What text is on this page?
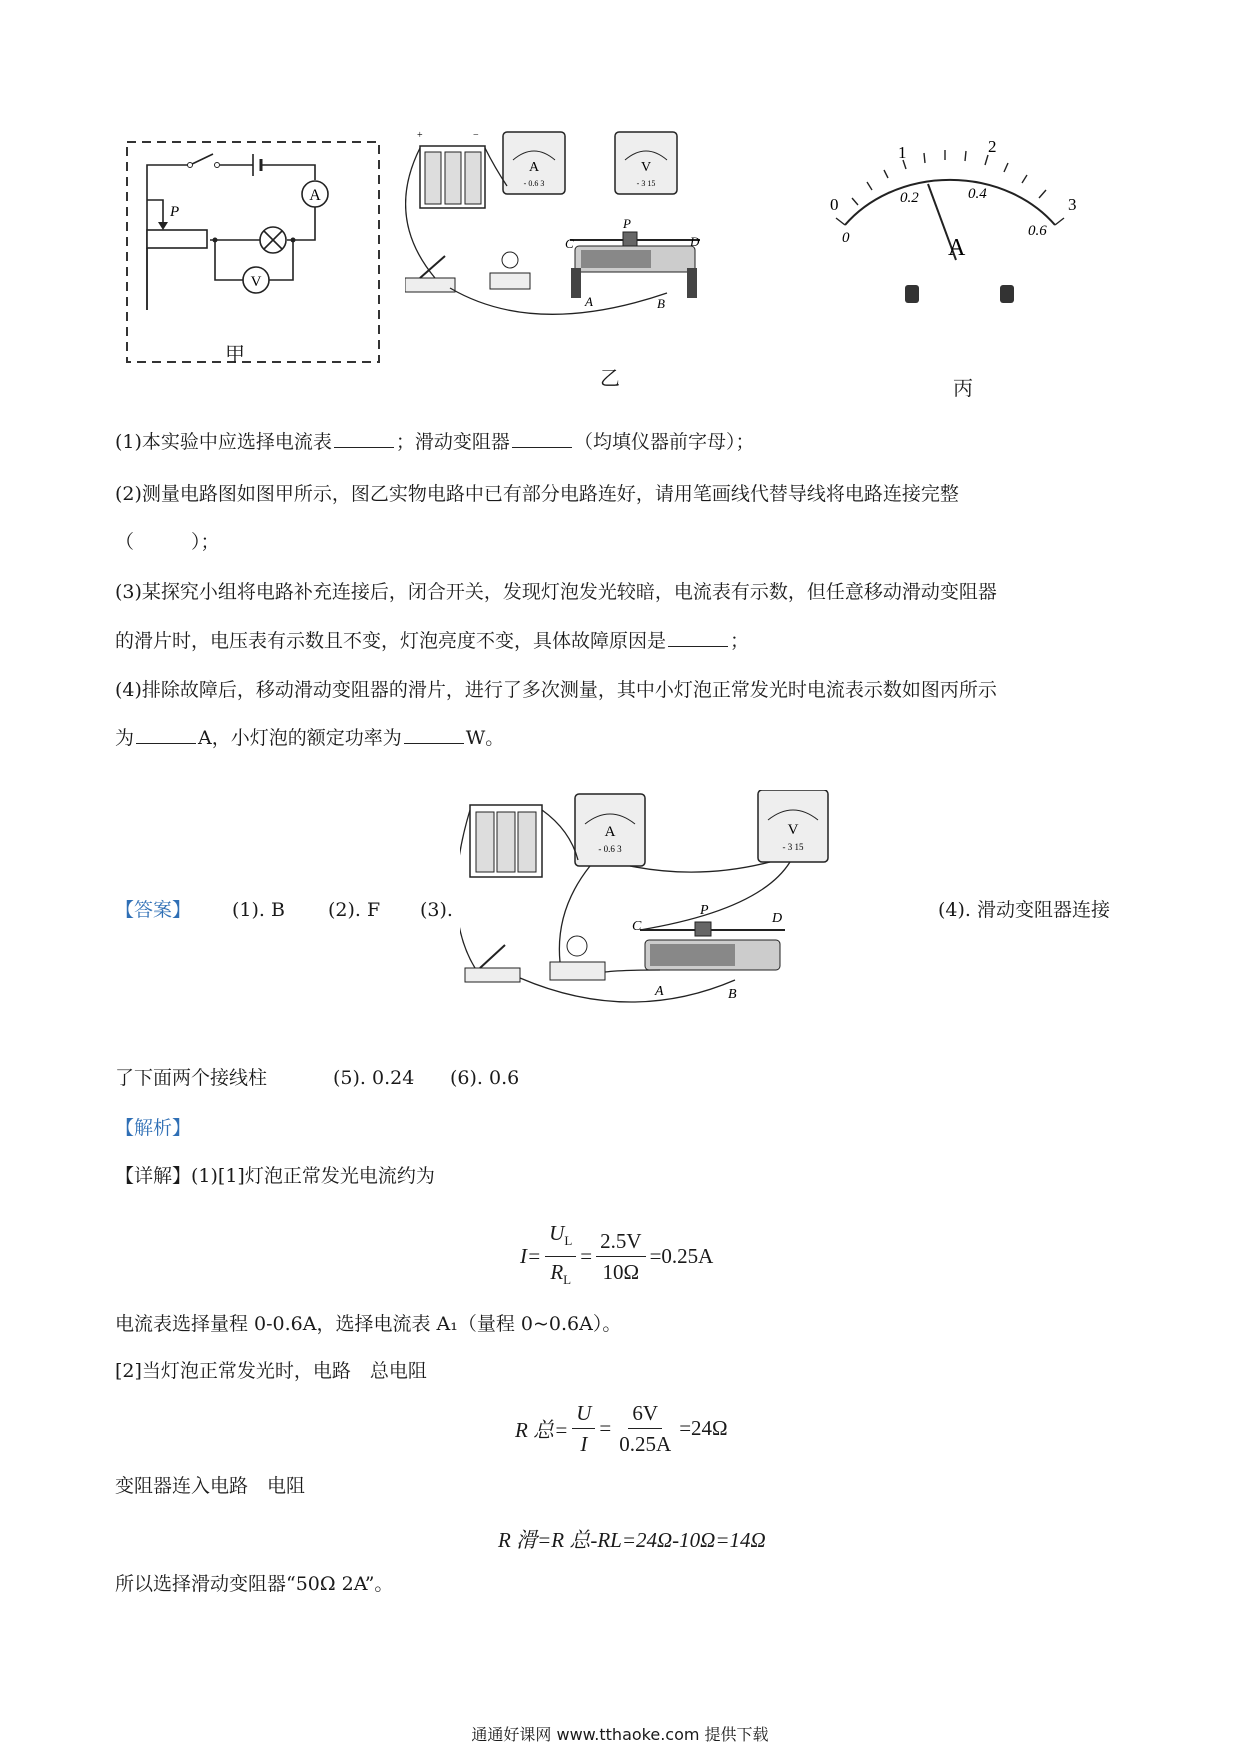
A
P
V
甲
+	−
A
- 0.6 3
V
- 3 15
C
P
D
A	B
乙
0
1	2
3
0
0.2	0.4
0.6
A
丙
(1)本实验中应选择电流表	；滑动变阻器	（均填仪器前字母）；
(2)测量电路图如图甲所示，图乙实物电路中已有部分电路连好，请用笔画线代替导线将电路连接完整
（　　　）；
(3)某探究小组将电路补充连接后，闭合开关，发现灯泡发光较暗，电流表有示数，但任意移动滑动变阻器
的滑片时，电压表有示数且不变，灯泡亮度不变，具体故障原因是	；
(4)排除故障后，移动滑动变阻器的滑片，进行了多次测量，其中小灯泡正常发光时电流表示数如图丙所示
为	A，小灯泡的额定功率为	W。
【答案】 (1). B (2). F (3).
A
- 0.6 3
V
- 3 15
C
P
D
A	B
(4). 滑动变阻器连接
了下面两个接线柱	(5). 0.24 (6). 0.6
【解析】
【详解】(1)[1]灯泡正常发光电流约为
$I= \frac{U_L}{R_L} = \frac{2.5V}{10\Omega} =0.25A$
电流表选择量程 0-0.6A，选择电流表 A₁（量程 0~0.6A）。
[2]当灯泡正常发光时，电路　总电阻
R 总= $\frac{U}{I} = \frac{6V}{0.25A} =24\Omega$
变阻器连入电路　电阻
R 滑=R 总-RL=24Ω-10Ω=14Ω
所以选择滑动变阻器“50Ω 2A”。
通通好课网 www.tthaoke.com 提供下载
